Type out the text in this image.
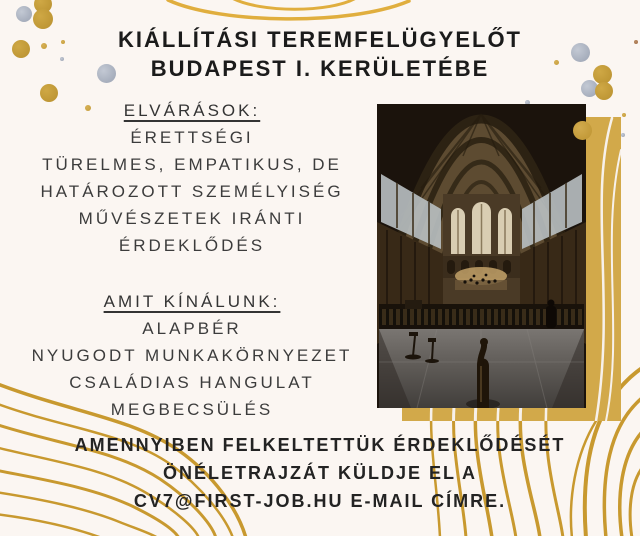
KIÁLLÍTÁSI TEREMFELÜGYELŐT
BUDAPEST I. KERÜLETÉBE
ELVÁRÁSOK:
ÉRETTSÉGI
TÜRELMES, EMPATIKUS, DE
HATÁROZOTT SZEMÉLYISÉG
MŰVÉSZETEK IRÁNTI
ÉRDEKLŐDÉS
AMIT KÍNÁLUNK:
ALAPBÉR
NYUGODT MUNKAKÖRNYEZET
CSALÁDIAS HANGULAT
MEGBECSÜLÉS
AMENNYIBEN FELKELTETTÜK ÉRDEKLŐDÉSÉT
ÖNÉLETRAJZÁT KÜLDJE EL A
CV7@FIRST-JOB.HU E-MAIL CÍMRE.
